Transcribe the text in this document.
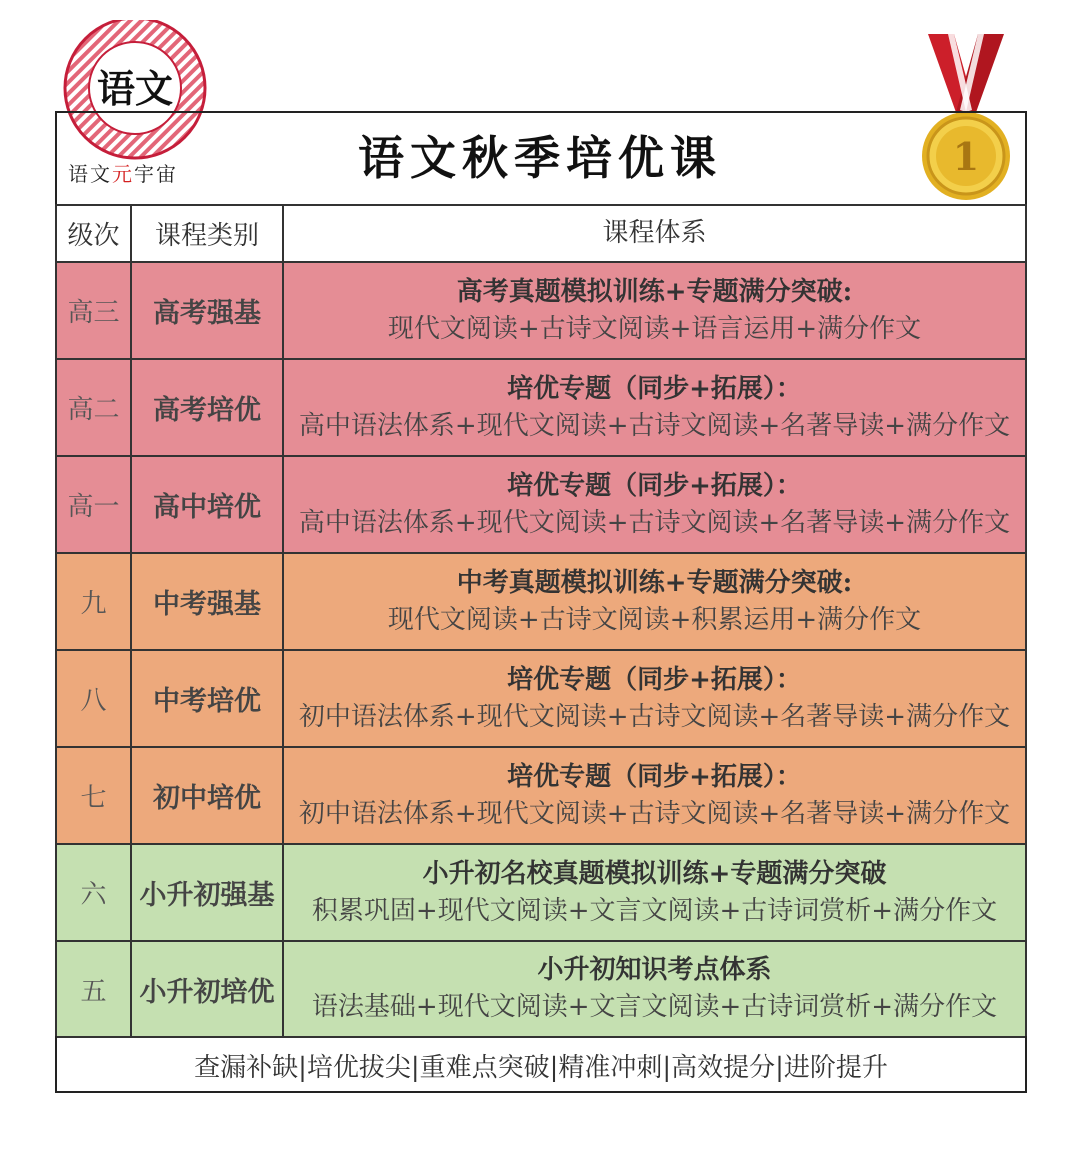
语文
语文元宇宙	1
语文秋季培优课
级次	课程类别	课程体系
高三	高考强基
高考真题模拟训练+专题满分突破:
现代文阅读+古诗文阅读+语言运用+满分作文
高二	高考培优
培优专题（同步+拓展）：
高中语法体系+现代文阅读+古诗文阅读+名著导读+满分作文
高一	高中培优
培优专题（同步+拓展）：
高中语法体系+现代文阅读+古诗文阅读+名著导读+满分作文
九	中考强基
中考真题模拟训练+专题满分突破:
现代文阅读+古诗文阅读+积累运用+满分作文
八	中考培优
培优专题（同步+拓展）：
初中语法体系+现代文阅读+古诗文阅读+名著导读+满分作文
七	初中培优
培优专题（同步+拓展）：
初中语法体系+现代文阅读+古诗文阅读+名著导读+满分作文
六	小升初强基
小升初名校真题模拟训练+专题满分突破
积累巩固+现代文阅读+文言文阅读+古诗词赏析+满分作文
五	小升初培优
小升初知识考点体系
语法基础+现代文阅读+文言文阅读+古诗词赏析+满分作文
查漏补缺|培优拔尖|重难点突破|精准冲刺|高效提分|进阶提升
